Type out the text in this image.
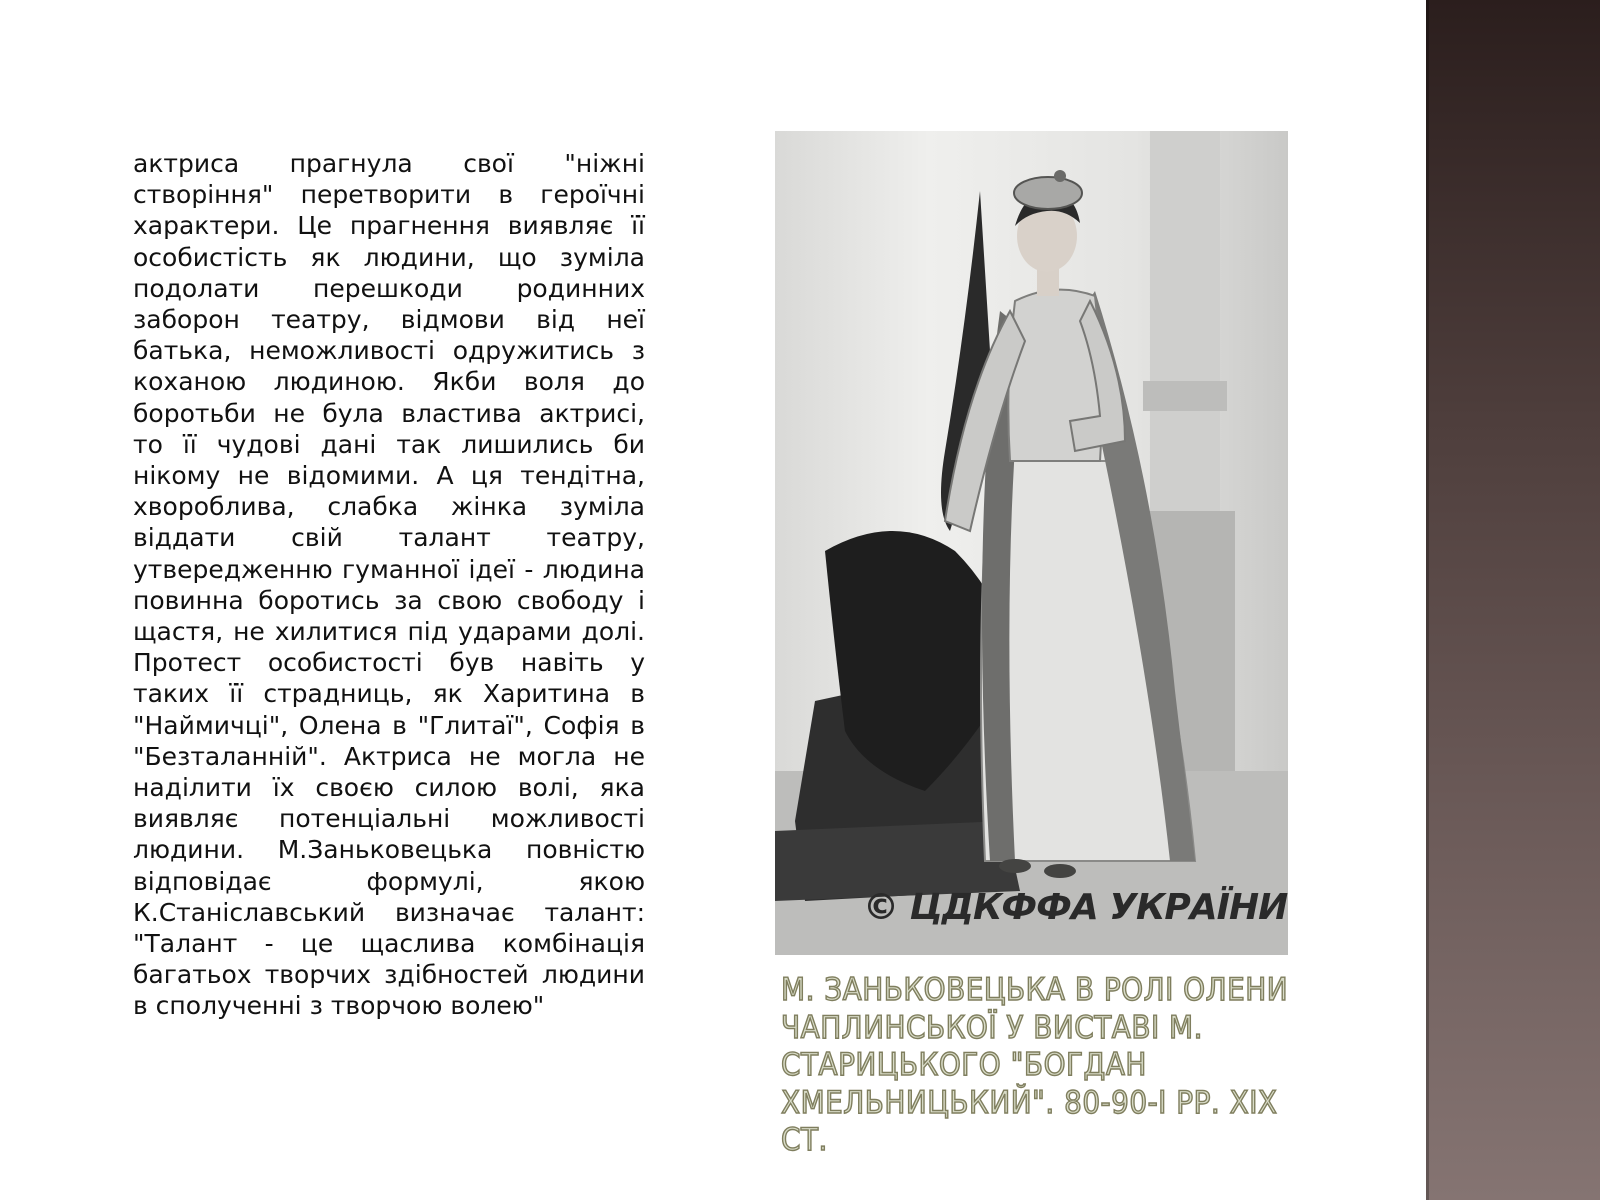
актриса прагнула свої "ніжні створіння" перетворити в героїчні характери. Це прагнення виявляє її особистість як людини, що зуміла подолати перешкоди родинних заборон театру, відмови від неї батька, неможливості одружитись з коханою людиною. Якби воля до боротьби не була властива актрисі, то її чудові дані так лишились би нікому не відомими. А ця тендітна, хвороблива, слабка жінка зуміла віддати свій талант театру, утвередженню гуманної ідеї - людина повинна боротись за свою свободу і щастя, не хилитися під ударами долі. Протест особистості був навіть у таких її страдниць, як Харитина в "Наймичці", Олена в "Глитаї", Софія в "Безталанній". Актриса не могла не наділити їх своєю силою волі, яка виявляє потенціальні можливості людини. М.Заньковецька повністю відповідає формулі, якою К.Станіславський визначає талант: "Талант - це щаслива комбінація багатьох творчих здібностей людини в сполученні з творчою волею"

© ЦДКФФА УКРАЇНИ

М. ЗАНЬКОВЕЦЬКА В РОЛІ ОЛЕНИ ЧАПЛИНСЬКОЇ У ВИСТАВІ М. СТАРИЦЬКОГО "БОГДАН ХМЕЛЬНИЦЬКИЙ". 80-90-І РР. XIX СТ.
